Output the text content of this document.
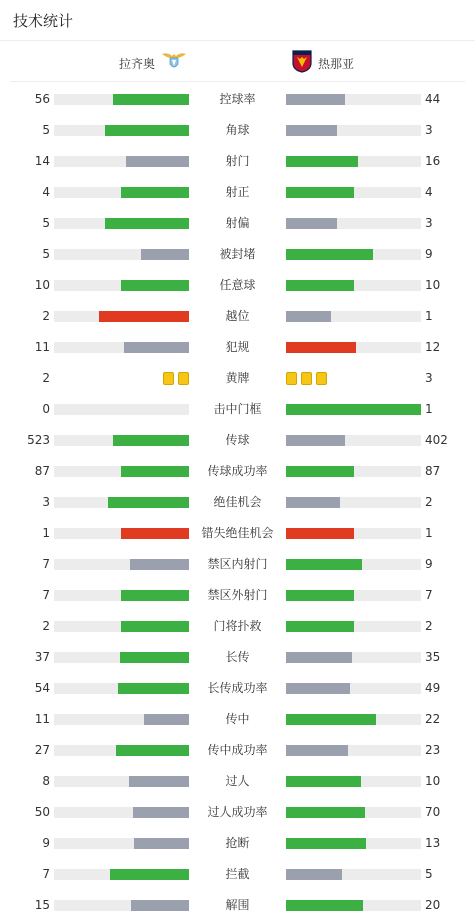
技术统计
拉齐奥	热那亚
56	控球率	44
5	角球	3
14	射门	16
4	射正	4
5	射偏	3
5	被封堵	9
10	任意球	10
2	越位	1
11	犯规	12
2	黄牌	3
0	击中门框	1
523	传球	402
87	传球成功率	87
3	绝佳机会	2
1	错失绝佳机会	1
7	禁区内射门	9
7	禁区外射门	7
2	门将扑救	2
37	长传	35
54	长传成功率	49
11	传中	22
27	传中成功率	23
8	过人	10
50	过人成功率	70
9	抢断	13
7	拦截	5
15	解围	20
